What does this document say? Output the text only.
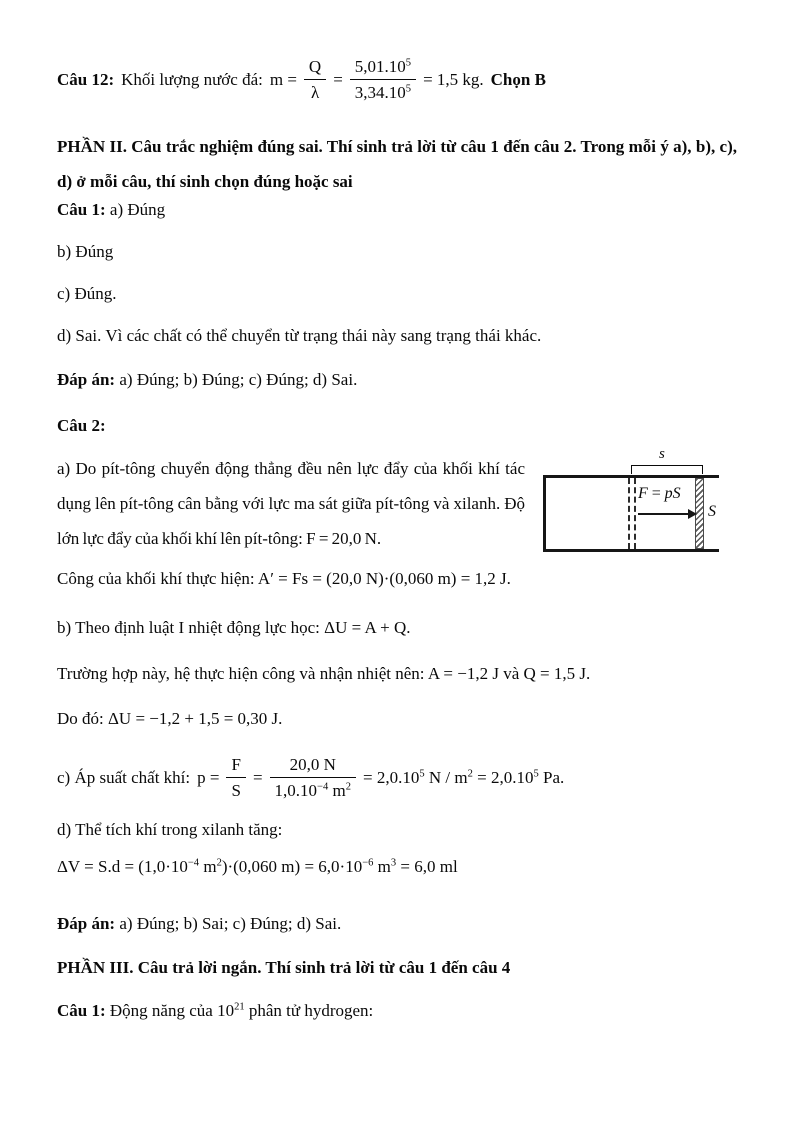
Câu 12: Khối lượng nước đá: $m = \frac{Q}{\lambda} = \frac{5,01.10^5}{3,34.10^5} = 1,5$ kg. Chọn B

PHẦN II. Câu trắc nghiệm đúng sai. Thí sinh trả lời từ câu 1 đến câu 2. Trong mỗi ý a), b), c), d) ở mỗi câu, thí sinh chọn đúng hoặc sai

Câu 1: a) Đúng

b) Đúng

c) Đúng.

d) Sai. Vì các chất có thể chuyển từ trạng thái này sang trạng thái khác.

Đáp án: a) Đúng; b) Đúng; c) Đúng; d) Sai.

Câu 2:

s
F = pS
S
a) Do pít-tông chuyển động thẳng đều nên lực đẩy của khối khí tác dụng lên pít-tông cân bằng với lực ma sát giữa pít-tông và xilanh. Độ lớn lực đẩy của khối khí lên pít-tông: F = 20,0 N.

Công của khối khí thực hiện: A′ = Fs = (20,0 N)·(0,060 m) = 1,2 J.

b) Theo định luật I nhiệt động lực học: ΔU = A + Q.

Trường hợp này, hệ thực hiện công và nhận nhiệt nên: A = −1,2 J và Q = 1,5 J.

Do đó: ΔU = −1,2 + 1,5 = 0,30 J.

c) Áp suất chất khí: $p = \frac{F}{S} = \frac{20,0 N}{1,0.10^{-4} m^2} = 2,0.10^5$ $N / m^2 = 2,0.10^5$ Pa.

d) Thể tích khí trong xilanh tăng:

$\Delta V = S.d = (1,0\cdot 10^{-4}$ $m^2)\cdot(0,060$ $m) = 6,0\cdot 10^{-6}$ $m^3 = 6,0$ ml

Đáp án: a) Đúng; b) Sai; c) Đúng; d) Sai.

PHẦN III. Câu trả lời ngắn. Thí sinh trả lời từ câu 1 đến câu 4

Câu 1: Động năng của $10^{21}$ phân tử hydrogen:
